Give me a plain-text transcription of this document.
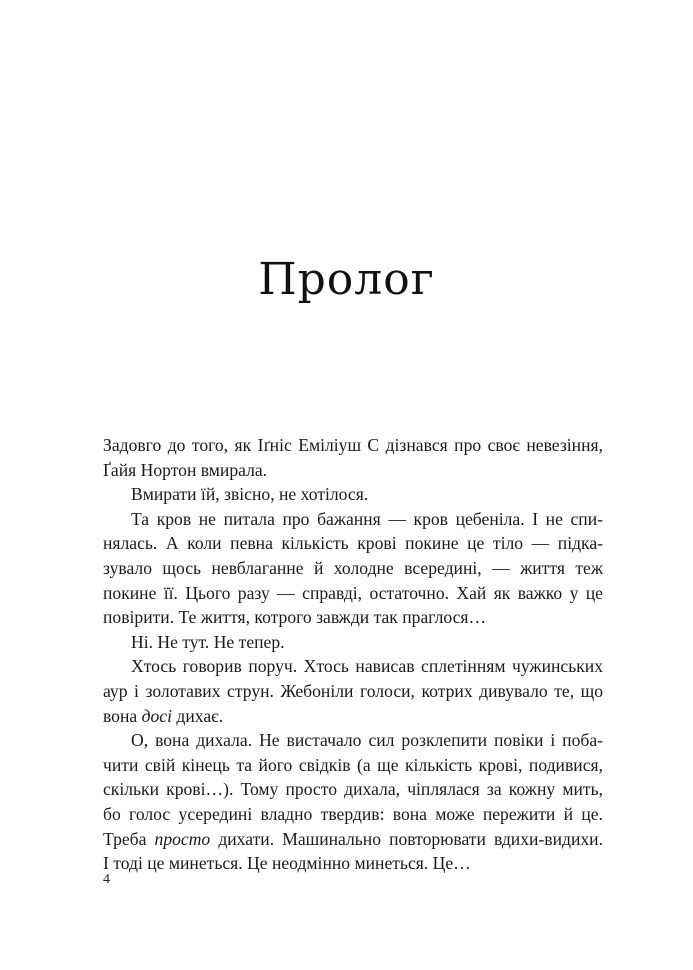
Пролог

Задовго до того, як Іґніс Еміліуш С дізнався про своє невезіння,
Ґайя Нортон вмирала.

Вмирати їй, звісно, не хотілося.

Та кров не питала про бажання — кров цебеніла. І не спи-
нялась. А коли певна кількість крові покине це тіло — підка-
зувало щось невблаганне й холодне всередині, — життя теж
покине її. Цього разу — справді, остаточно. Хай як важко у це
повірити. Те життя, котрого завжди так праглося…

Ні. Не тут. Не тепер.

Хтось говорив поруч. Хтось нависав сплетінням чужинських
аур і золотавих струн. Жебоніли голоси, котрих дивувало те, що
вона досі дихає.

О, вона дихала. Не вистачало сил розклепити повіки і поба-
чити свій кінець та його свідків (а ще кількість крові, подивися,
скільки крові…). Тому просто дихала, чіплялася за кожну мить,
бо голос усередині владно твердив: вона може пережити й це.
Треба просто дихати. Машинально повторювати вдихи-видихи.
І тоді це минеться. Це неодмінно минеться. Це…

4
